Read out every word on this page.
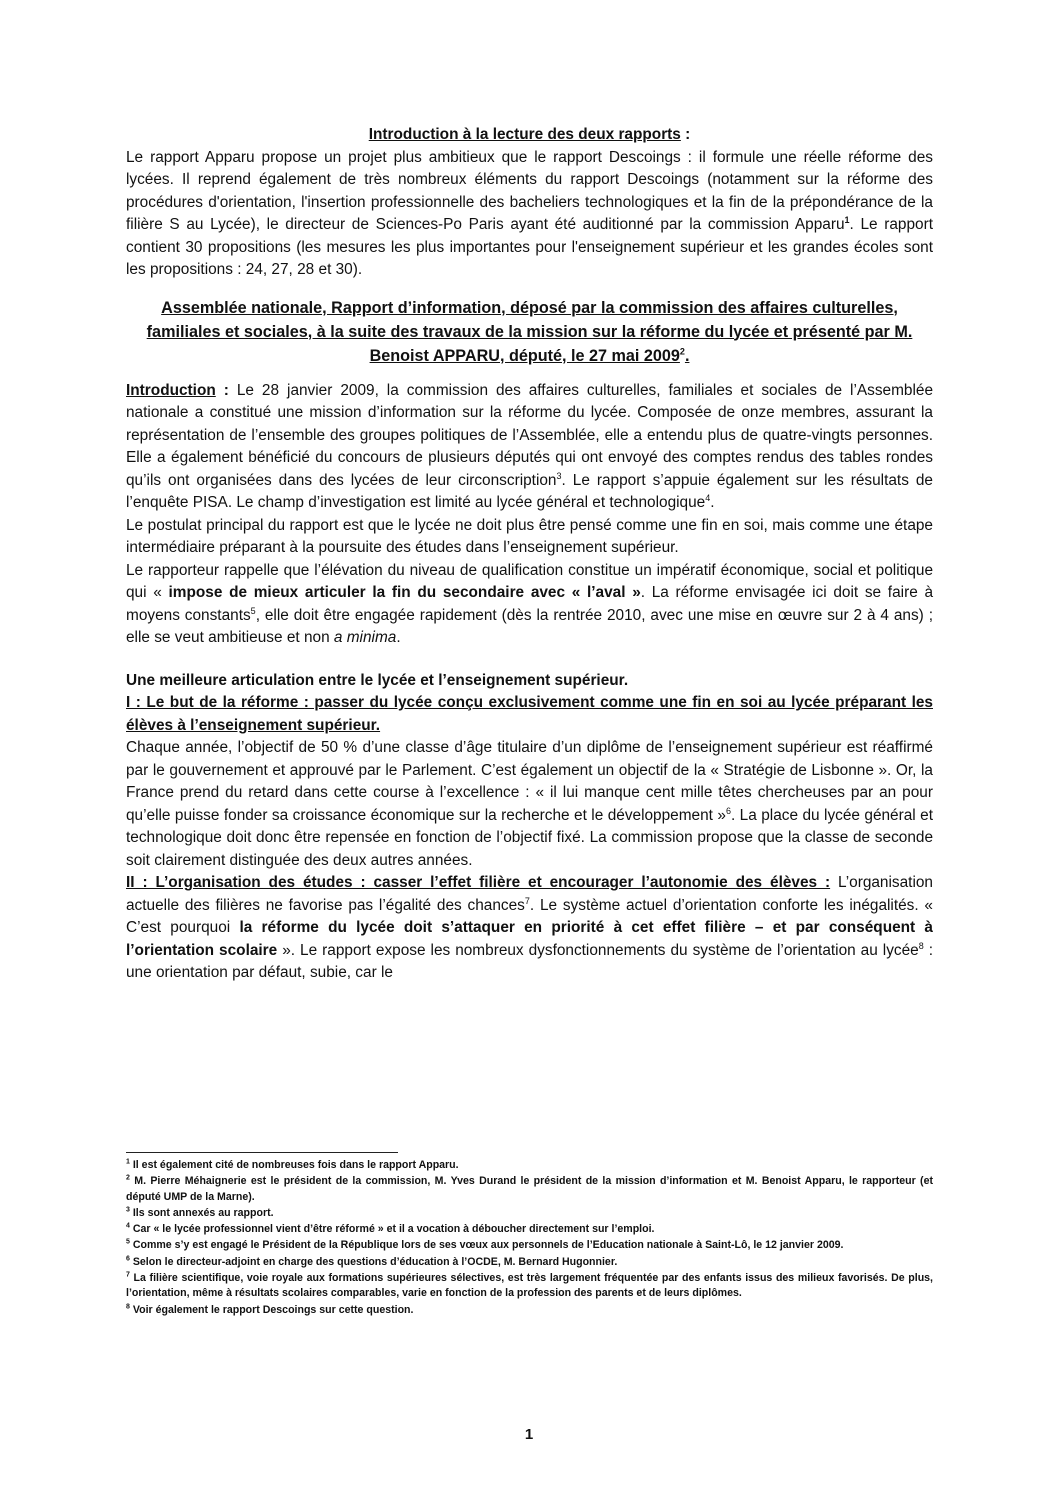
Introduction à la lecture des deux rapports :

Le rapport Apparu propose un projet plus ambitieux que le rapport Descoings : il formule une réelle réforme des lycées. Il reprend également de très nombreux éléments du rapport Descoings (notamment sur la réforme des procédures d'orientation, l'insertion professionnelle des bacheliers technologiques et la fin de la prépondérance de la filière S au Lycée), le directeur de Sciences-Po Paris ayant été auditionné par la commission Apparu$^1$. Le rapport contient 30 propositions (les mesures les plus importantes pour l'enseignement supérieur et les grandes écoles sont les propositions : 24, 27, 28 et 30).

Assemblée nationale, Rapport d’information, déposé par la commission des affaires culturelles, familiales et sociales, à la suite des travaux de la mission sur la réforme du lycée et présenté par M. Benoist APPARU, député, le 27 mai 2009$^2$.

Introduction : Le 28 janvier 2009, la commission des affaires culturelles, familiales et sociales de l’Assemblée nationale a constitué une mission d’information sur la réforme du lycée. Composée de onze membres, assurant la représentation de l’ensemble des groupes politiques de l’Assemblée, elle a entendu plus de quatre-vingts personnes. Elle a également bénéficié du concours de plusieurs députés qui ont envoyé des comptes rendus des tables rondes qu’ils ont organisées dans des lycées de leur circonscription$^3$. Le rapport s’appuie également sur les résultats de l’enquête PISA. Le champ d’investigation est limité au lycée général et technologique$^4$.

Le postulat principal du rapport est que le lycée ne doit plus être pensé comme une fin en soi, mais comme une étape intermédiaire préparant à la poursuite des études dans l’enseignement supérieur.

Le rapporteur rappelle que l’élévation du niveau de qualification constitue un impératif économique, social et politique qui « impose de mieux articuler la fin du secondaire avec « l’aval ». La réforme envisagée ici doit se faire à moyens constants$^5$, elle doit être engagée rapidement (dès la rentrée 2010, avec une mise en œuvre sur 2 à 4 ans) ; elle se veut ambitieuse et non a minima.

Une meilleure articulation entre le lycée et l’enseignement supérieur.

I : Le but de la réforme : passer du lycée conçu exclusivement comme une fin en soi au lycée préparant les élèves à l’enseignement supérieur.

Chaque année, l’objectif de 50 % d’une classe d’âge titulaire d’un diplôme de l’enseignement supérieur est réaffirmé par le gouvernement et approuvé par le Parlement. C’est également un objectif de la « Stratégie de Lisbonne ». Or, la France prend du retard dans cette course à l’excellence : « il lui manque cent mille têtes chercheuses par an pour qu’elle puisse fonder sa croissance économique sur la recherche et le développement »$^6$. La place du lycée général et technologique doit donc être repensée en fonction de l’objectif fixé. La commission propose que la classe de seconde soit clairement distinguée des deux autres années.

II : L’organisation des études : casser l’effet filière et encourager l’autonomie des élèves : L’organisation actuelle des filières ne favorise pas l’égalité des chances$^7$. Le système actuel d’orientation conforte les inégalités. « C’est pourquoi la réforme du lycée doit s’attaquer en priorité à cet effet filière – et par conséquent à l’orientation scolaire ». Le rapport expose les nombreux dysfonctionnements du système de l’orientation au lycée$^8$ : une orientation par défaut, subie, car le

$^1$ Il est également cité de nombreuses fois dans le rapport Apparu.

$^2$ M. Pierre Méhaignerie est le président de la commission, M. Yves Durand le président de la mission d’information et M. Benoist Apparu, le rapporteur (et député UMP de la Marne).

$^3$ Ils sont annexés au rapport.

$^4$ Car « le lycée professionnel vient d’être réformé » et il a vocation à déboucher directement sur l’emploi.

$^5$ Comme s’y est engagé le Président de la République lors de ses vœux aux personnels de l’Education nationale à Saint-Lô, le 12 janvier 2009.

$^6$ Selon le directeur-adjoint en charge des questions d’éducation à l’OCDE, M. Bernard Hugonnier.

$^7$ La filière scientifique, voie royale aux formations supérieures sélectives, est très largement fréquentée par des enfants issus des milieux favorisés. De plus, l’orientation, même à résultats scolaires comparables, varie en fonction de la profession des parents et de leurs diplômes.

$^8$ Voir également le rapport Descoings sur cette question.

1
